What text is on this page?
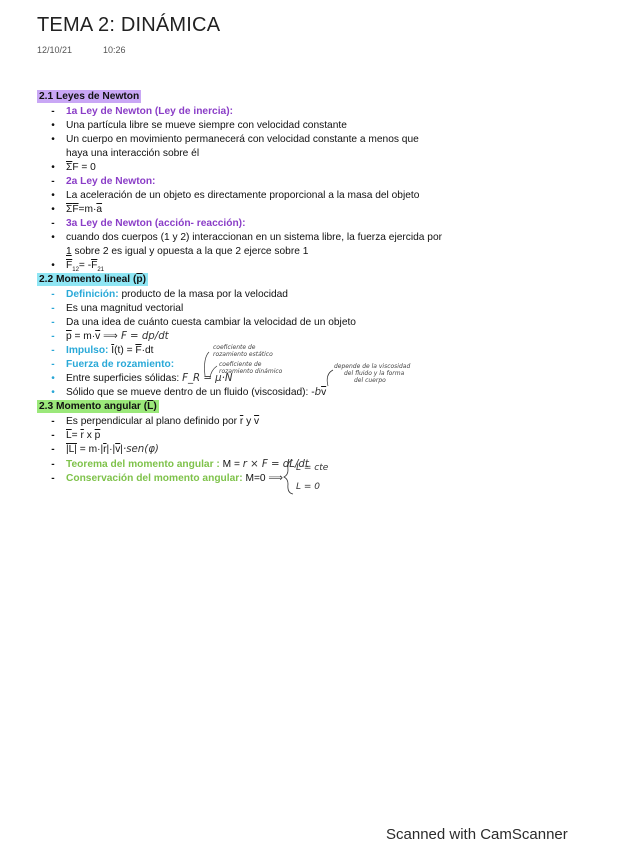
TEMA 2: DINÁMICA
12/10/21	10:26
2.1 Leyes de Newton
-	1a Ley de Newton (Ley de inercia):
•	Una partícula libre se mueve siempre con velocidad constante
•	Un cuerpo en movimiento permanecerá con velocidad constante a menos que
haya una interacción sobre él
•	$\overline{\Sigma}F = 0$
-	2a Ley de Newton:
•	La aceleración de un objeto es directamente proporcional a la masa del objeto
•	$\overline{\Sigma}\overline{F}=m\cdot\overline{a}$
-	3a Ley de Newton (acción- reacción):
•	cuando dos cuerpos (1 y 2) interaccionan en un sistema libre, la fuerza ejercida por
1 sobre 2 es igual y opuesta a la que 2 ejerce sobre 1
•	$\overline{F}_{12}= -\overline{F}_{21}$
2.2 Momento lineal $(\overline{p})$
-	Definición: producto de la masa por la velocidad
-	Es una magnitud vectorial
-	Da una idea de cuánto cuesta cambiar la velocidad de un objeto
-	$\overline{p} = m\cdot\overline{v}$ ⟹ F = dp/dt
-	Impulso: $\overline{I}(t) = \overline{F}\cdot dt$
-	Fuerza de rozamiento:
•	Entre superficies sólidas: F_R = μ·N
•	Sólido que se mueve dentro de un fluido (viscosidad): $-b\overline{v}$
coeficiente de
rozamiento estático
coeficiente de
rozamiento dinámico
depende de la viscosidad
del fluido y la forma
del cuerpo
2.3 Momento angular $(\overline{L})$
-	Es perpendicular al plano definido por $\overline{r}$ y $\overline{v}$
-	$\overline{L}= \overline{r}$ x $\overline{p}$
-	$|L| = m\cdot|\overline{r}|\cdot|\overline{v}|\cdot sen(\varphi)$
-	Teorema del momento angular : M = r × F = dL/dt
-	Conservación del momento angular: M=0 ⟹
L = cte
L = 0
Scanned with CamScanner
